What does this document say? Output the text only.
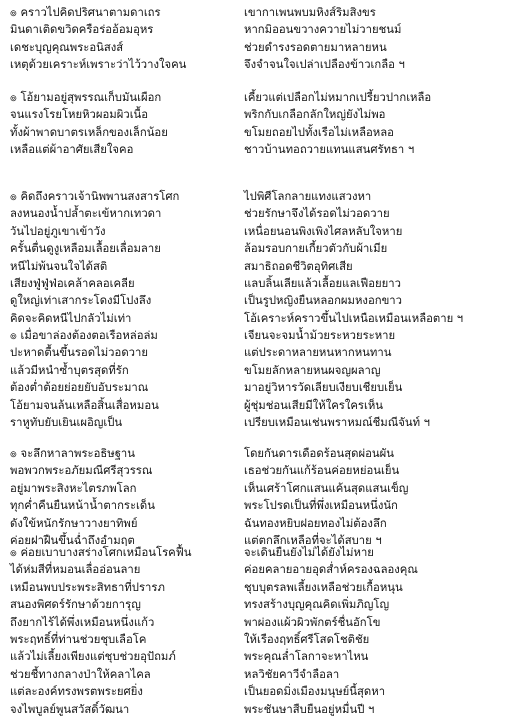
๏ คราวไปคิดปริศนาตามดาเถร	เขากาเพนพบมหิงส์ริมสิงขร
มินดาเติดขวิดครือร่ออ้อมอุหร	หากมิออนขวางควายไม่วายชนม์
เดชะบุญคุณพระอนิสงส์	ช่วยดำรงรอดตายมาหลายหน
เหตุด้วยเคราะห์เพราะว่าไว้วางใจคน	จึงจำจนใจเปล่าเปลืองข้าวเกลือ ฯ
๏ โอ้ยามอยู่สุพรรณเก็บมันเผือก	เคี้ยวแต่เปลือกไม่หมากเปรี้ยวปากเหลือ
จนแรงโรยโหยหิวผอมผิวเนื้อ	พริกกับเกลือกลักใหญ่ยังไม่พอ
ทั้งผ้าพาดบาตรเหล็กของเล็กน้อย	ขโมยถอยไปทั้งเรือไม่เหลือหลอ
เหลือแต่ผ้าอาศัยเสียใจคอ	ชาวบ้านทอถวายแทนแสนศรัทธา ฯ
๏ คิดถึงคราวเจ้านิพพานสงสารโศก	ไปพิศีโลกลายแทงแสวงหา
ลงหนองน้ำปล้ำตะเข้หากเทวดา	ช่วยรักษาจึงได้รอดไม่วอดวาย
วันไปอยู่ภูเขาเข้าวัง	เหนื่อยนอนพิงเพิงไศลหลับใจหาย
ครั้นตื่นดูงูเหลือมเลื้อยเลื่อมลาย	ล้อมรอบกายเกี้ยวตัวกับผ้าเมีย
หนีไม่พ้นจนใจได้สติ	สมาธิถอดชีวิตอุทิศเสีย
เสียงฟู่ฟู่ฟ่อเคล้าคลอเคลีย	แลบลิ้นเลียแล้วเลื้อยแลเฟือยยาว
ดูใหญ่เท่าเสากระโดงมีโปงลึง	เป็นรูปหญิงยืนหลอกผมหงอกขาว
คิดจะคิดหนีไปกลัวไม่เท่า	โอ้เคราะห์คราวขึ้นไปเหนือเหมือนเหลือตาย ฯ
๏ เมื่อขาล่องต้องตอเรือหล่อล่ม	เจียนจะจมน้ำม้วยระหวยระหาย
ปะหาดตื้นขึ้นรอดไม่วอดวาย	แต่ประดาหลายหนหากหนทาน
แล้วมีหนำซ้ำบุตรสุดที่รัก	ขโมยลักหลายหนผจญผลาญ
ต้องต่ำต้อยย่อยยับอับระมาณ	มาอยู่วิหารวัดเลียบเงียบเชียบเย็น
โอ้ยามจนล้นเหลือสิ้นเสื่อหมอน	ผู้ชุ่มช่อนเสียมีให้ใครใครเห็น
ราหูทับยับเยินเผอิญเป็น	เปรียบเหมือนเช่นพราหมณ์ชีมณีจันท์ ฯ
๏ จะลึกหาลาพระอธิษฐาน	โดยกันดารเดือดร้อนสุดผ่อนผัน
พอพวกพระอภัยมณีศรีสุวรรณ	เธอช่วยกันแก้ร้อนค่อยหย่อนเย็น
อยู่มาพระสิงหะไตรภพโลก	เห็นเศร้าโศกแสนแค้นสุดแสนเข็ญ
ทุกค่ำคืนยืนหน้าน้ำตากระเด็น	พระโปรดเป็นที่พึ่งเหมือนหนึ่งนัก
ดังใข้หนักรักษาวางยาทิพย์	ฉันทองหยิบฝอยทองไม่ต้องลึก
ค่อยฝาฝืนขึ้นฉ่ำถึงอำมฤต	แต่ตกลึกเหลือที่จะได้สบาย ฯ
๏ ค่อยเบาบางสร่างโศกเหมือนโรคฟื้น	จะเดินยืนยังไม่ได้ยังไม่หาย
ได้ห่มสีที่หมอนเลื่ออ่อนลาย	ค่อยคลายอายอุดส่ำห์ครองฉลองคุณ
เหมือนพบประพระสิทธาที่ปรารภ	ชุบบุตรลพเลี้ยงเหลือช่วยเกื้อหนุน
สนองพิศดร์รักษาด้วยการุญ	ทรงสร้างบุญคุณคิดเพิ่มภิญโญ
ถึงยากไร้ได้พึ่งเหมือนหนึ่งแก้ว	พาผ่องแผ้วผิวพักตร์ชื่นอักโข
พระฤทธิ์ที่ท่านช่วยชุบเลือโค	ให้เรืองฤทธิ์ศรีโสดโชติชัย
แล้วไม่เลี้ยงเพียงแต่ชุบช่วยอุปัถมภ์	พระคุณล่ำโลกาจะหาไหน
ช่วยชี้ทางกลางป่าให้คลาไคล	หลวิชัยคาวีจำลือลา
แต่ละองค์ทรงพรตพระยศยิ่ง	เป็นยอดมิ่งเมืองมนุษย์นี้สุดหา
จงไพบูลย์พูนสวัสดิ์วัฒนา	พระชันษาสืบยืนอยู่หมื่นปี ฯ
